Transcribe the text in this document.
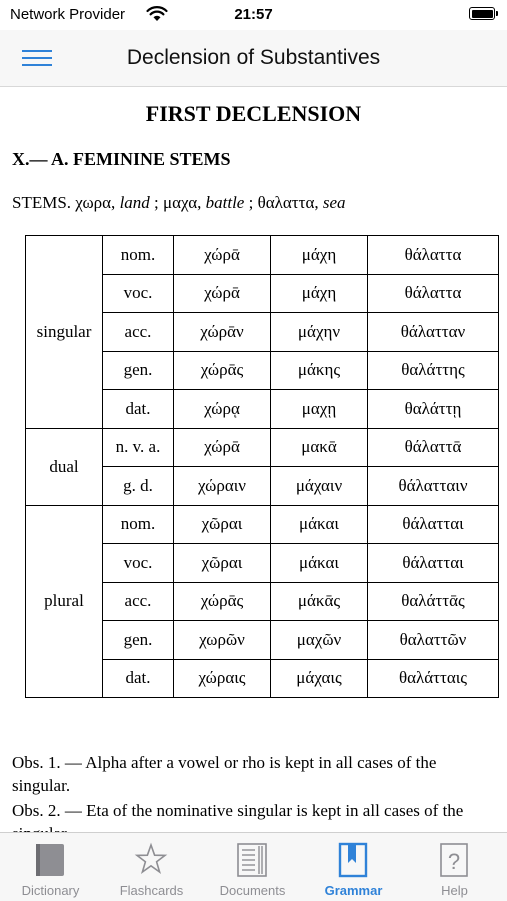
Network Provider	21:57
Declension of Substantives
FIRST DECLENSION
X.— A. FEMININE STEMS
STEMS. χωρα, land ; μαχα, battle ; θαλαττα, sea
singular	nom.	χώρᾱ	μάχη	θάλαττα
	voc.	χώρᾱ	μάχη	θάλαττα
	acc.	χώρᾱν	μάχην	θάλατταν
	gen.	χώρᾱς	μάκης	θαλάττης
	dat.	χώρᾳ	μαχῃ	θαλάττῃ
dual	n. v. a.	χώρᾱ	μακᾱ	θάλαττᾱ
	g. d.	χώραιν	μάχαιν	θάλατταιν
plural	nom.	χῶραι	μάκαι	θάλατται
	voc.	χῶραι	μάκαι	θάλατται
	acc.	χώρᾱς	μάκᾱς	θαλάττᾱς
	gen.	χωρῶν	μαχῶν	θαλαττῶν
	dat.	χώραις	μάχαις	θαλάτταις
Obs. 1. — Alpha after a vowel or rho is kept in all cases of the singular.
Obs. 2. — Eta of the nominative singular is kept in all cases of the
Dictionary	Flashcards	Documents	Grammar
?
Help
